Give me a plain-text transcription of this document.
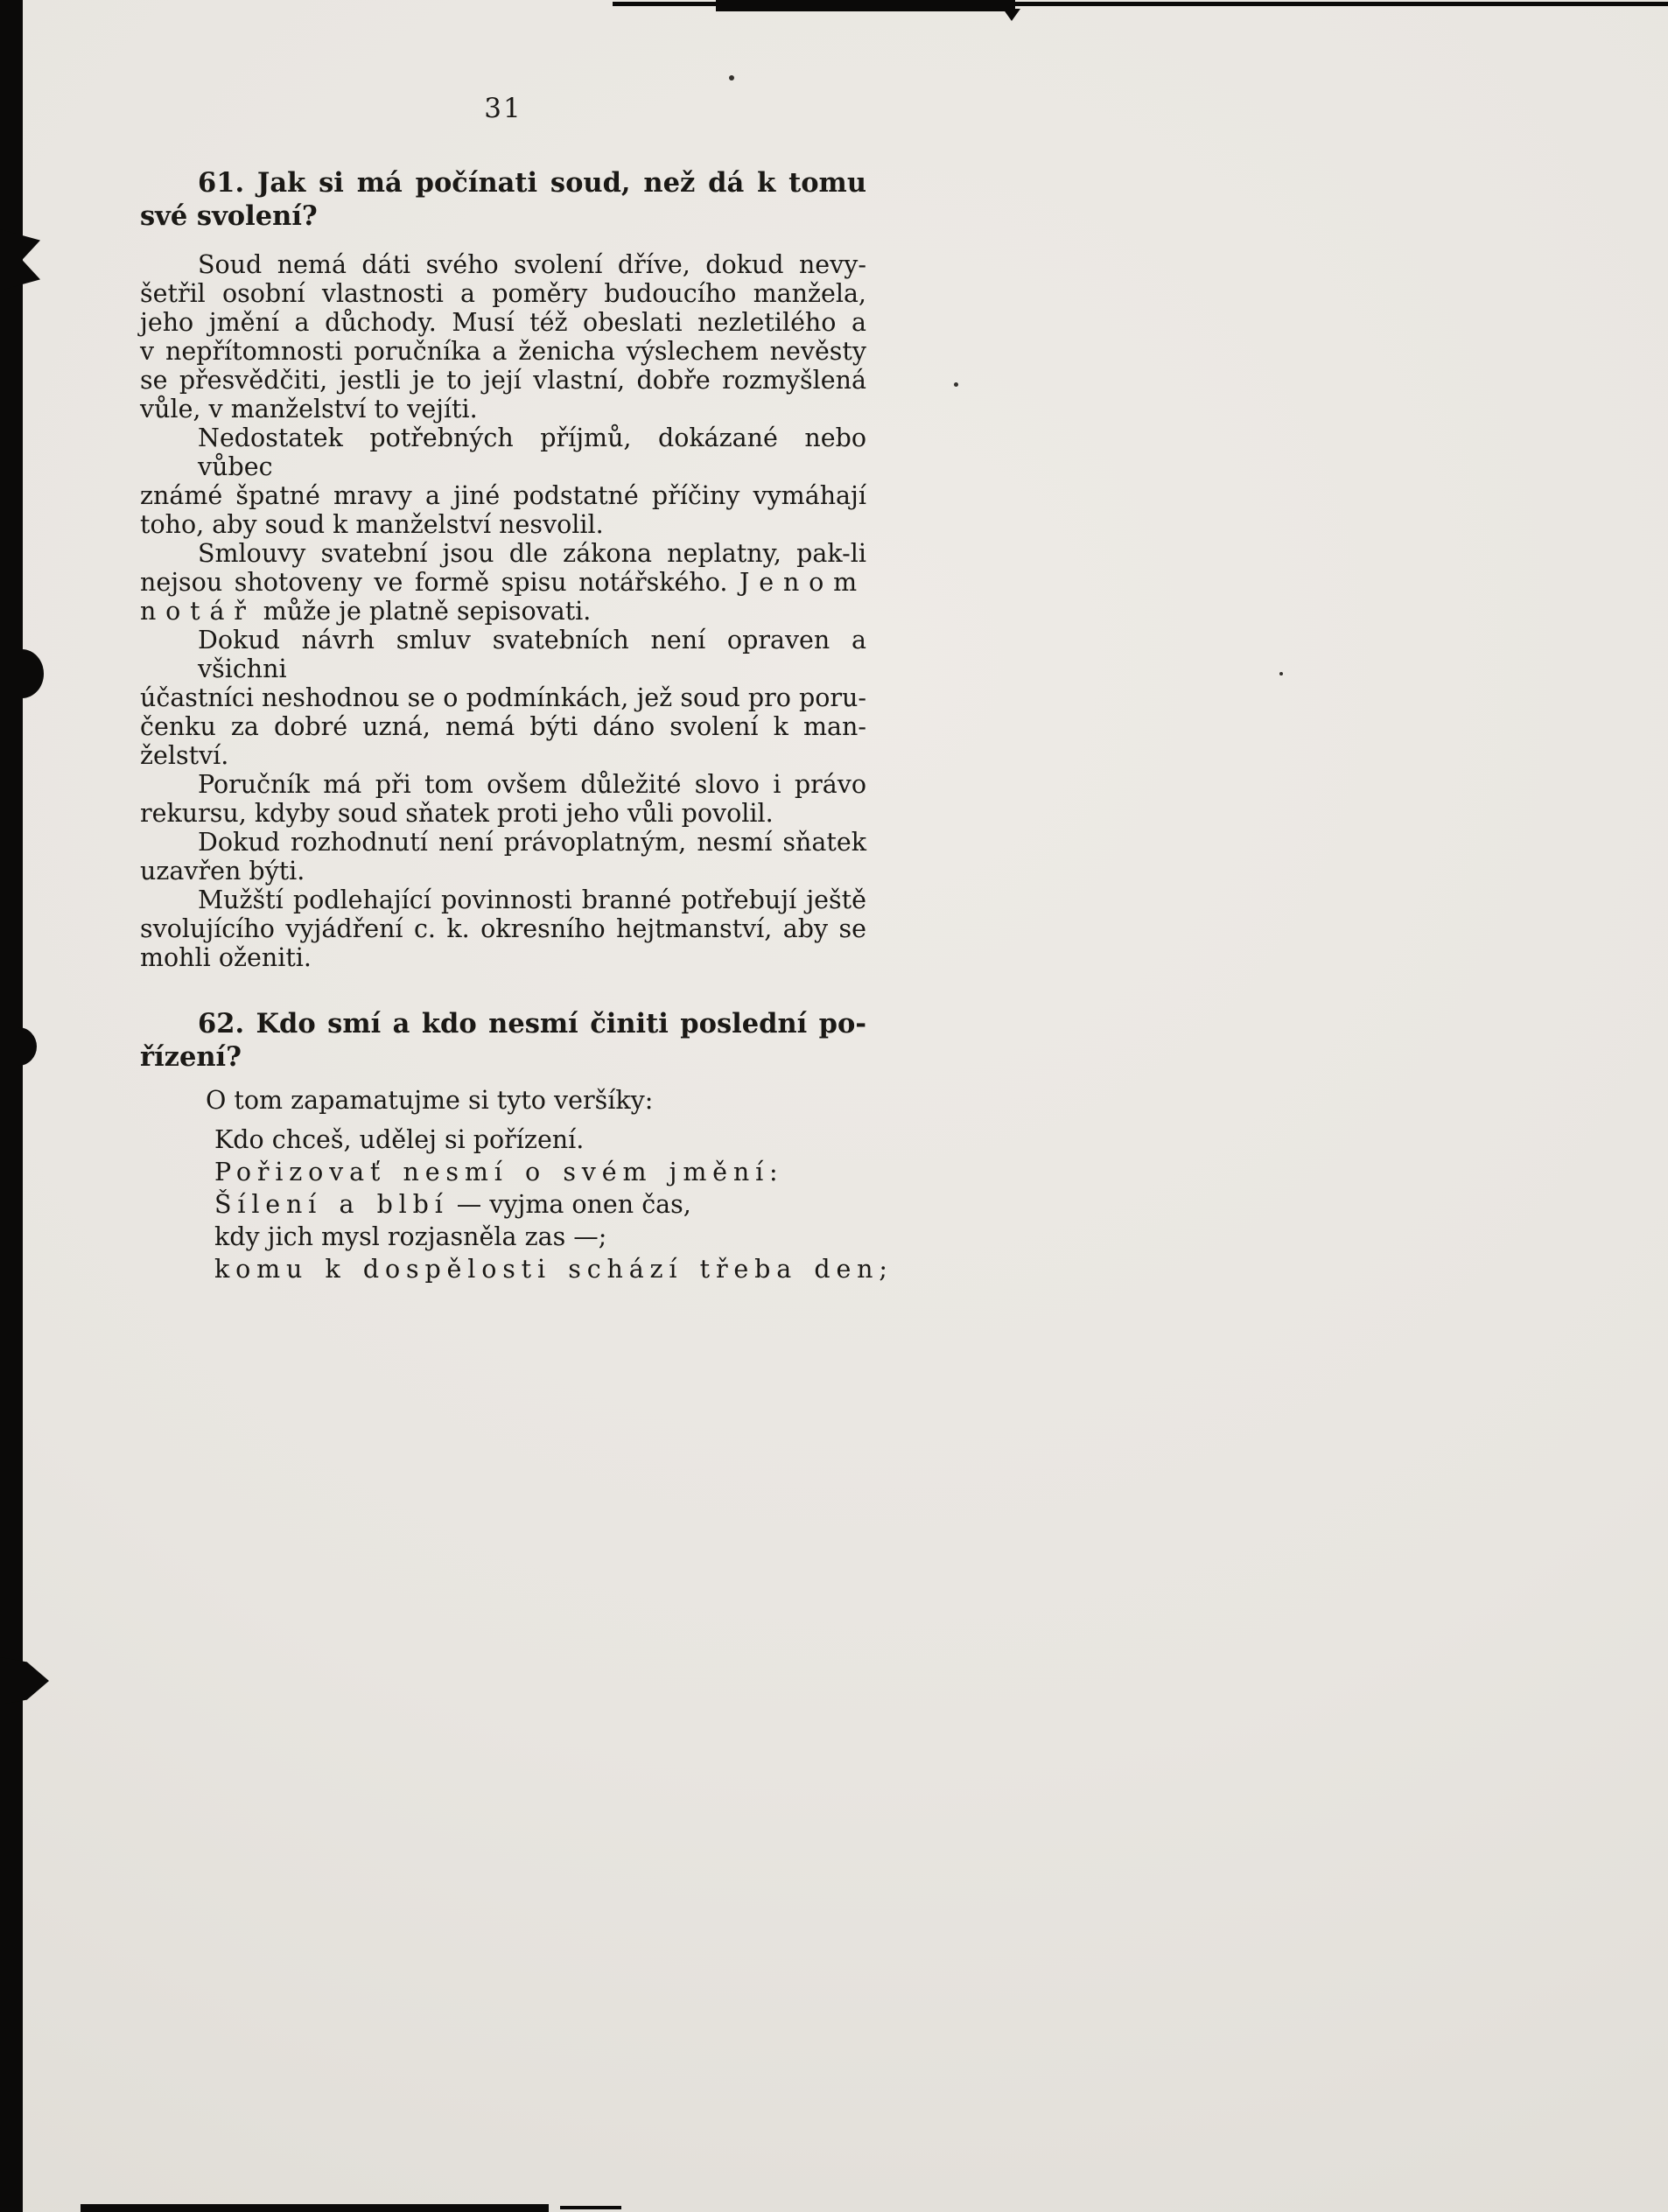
31
61. Jak si má počínati soud, než dá k tomu
své svolení?
Soud nemá dáti svého svolení dříve, dokud nevy-
šetřil osobní vlastnosti a poměry budoucího manžela,
jeho jmění a důchody. Musí též obeslati nezletilého a
v nepřítomnosti poručníka a ženicha výslechem nevěsty
se přesvědčiti, jestli je to její vlastní, dobře rozmyšlená
vůle, v manželství to vejíti.
Nedostatek potřebných příjmů, dokázané nebo vůbec
známé špatné mravy a jiné podstatné příčiny vymáhají
toho, aby soud k manželství nesvolil.
Smlouvy svatební jsou dle zákona neplatny, pak-li
nejsou shotoveny ve formě spisu notářského. Jenom
notář může je platně sepisovati.
Dokud návrh smluv svatebních není opraven a všichni
účastníci neshodnou se o podmínkách, jež soud pro poru-
čenku za dobré uzná, nemá býti dáno svolení k man-
želství.
Poručník má při tom ovšem důležité slovo i právo
rekursu, kdyby soud sňatek proti jeho vůli povolil.
Dokud rozhodnutí není právoplatným, nesmí sňatek
uzavřen býti.
Mužští podlehající povinnosti branné potřebují ještě
svolujícího vyjádření c. k. okresního hejtmanství, aby se
mohli oženiti.
62. Kdo smí a kdo nesmí činiti poslední po-
řízení?
O tom zapamatujme si tyto veršíky:
Kdo chceš, udělej si pořízení.
Pořizovať nesmí o svém jmění:
Šílení a blbí — vyjma onen čas,
kdy jich mysl rozjasněla zas —;
komu k dospělosti schází třeba den;
